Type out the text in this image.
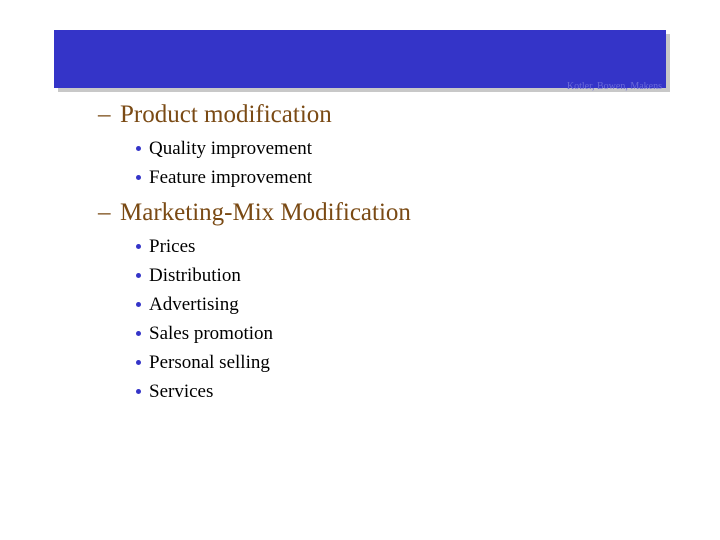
Kotler, Bowen, Makens
– Product modification
Quality improvement
Feature improvement
– Marketing-Mix Modification
Prices
Distribution
Advertising
Sales promotion
Personal selling
Services
